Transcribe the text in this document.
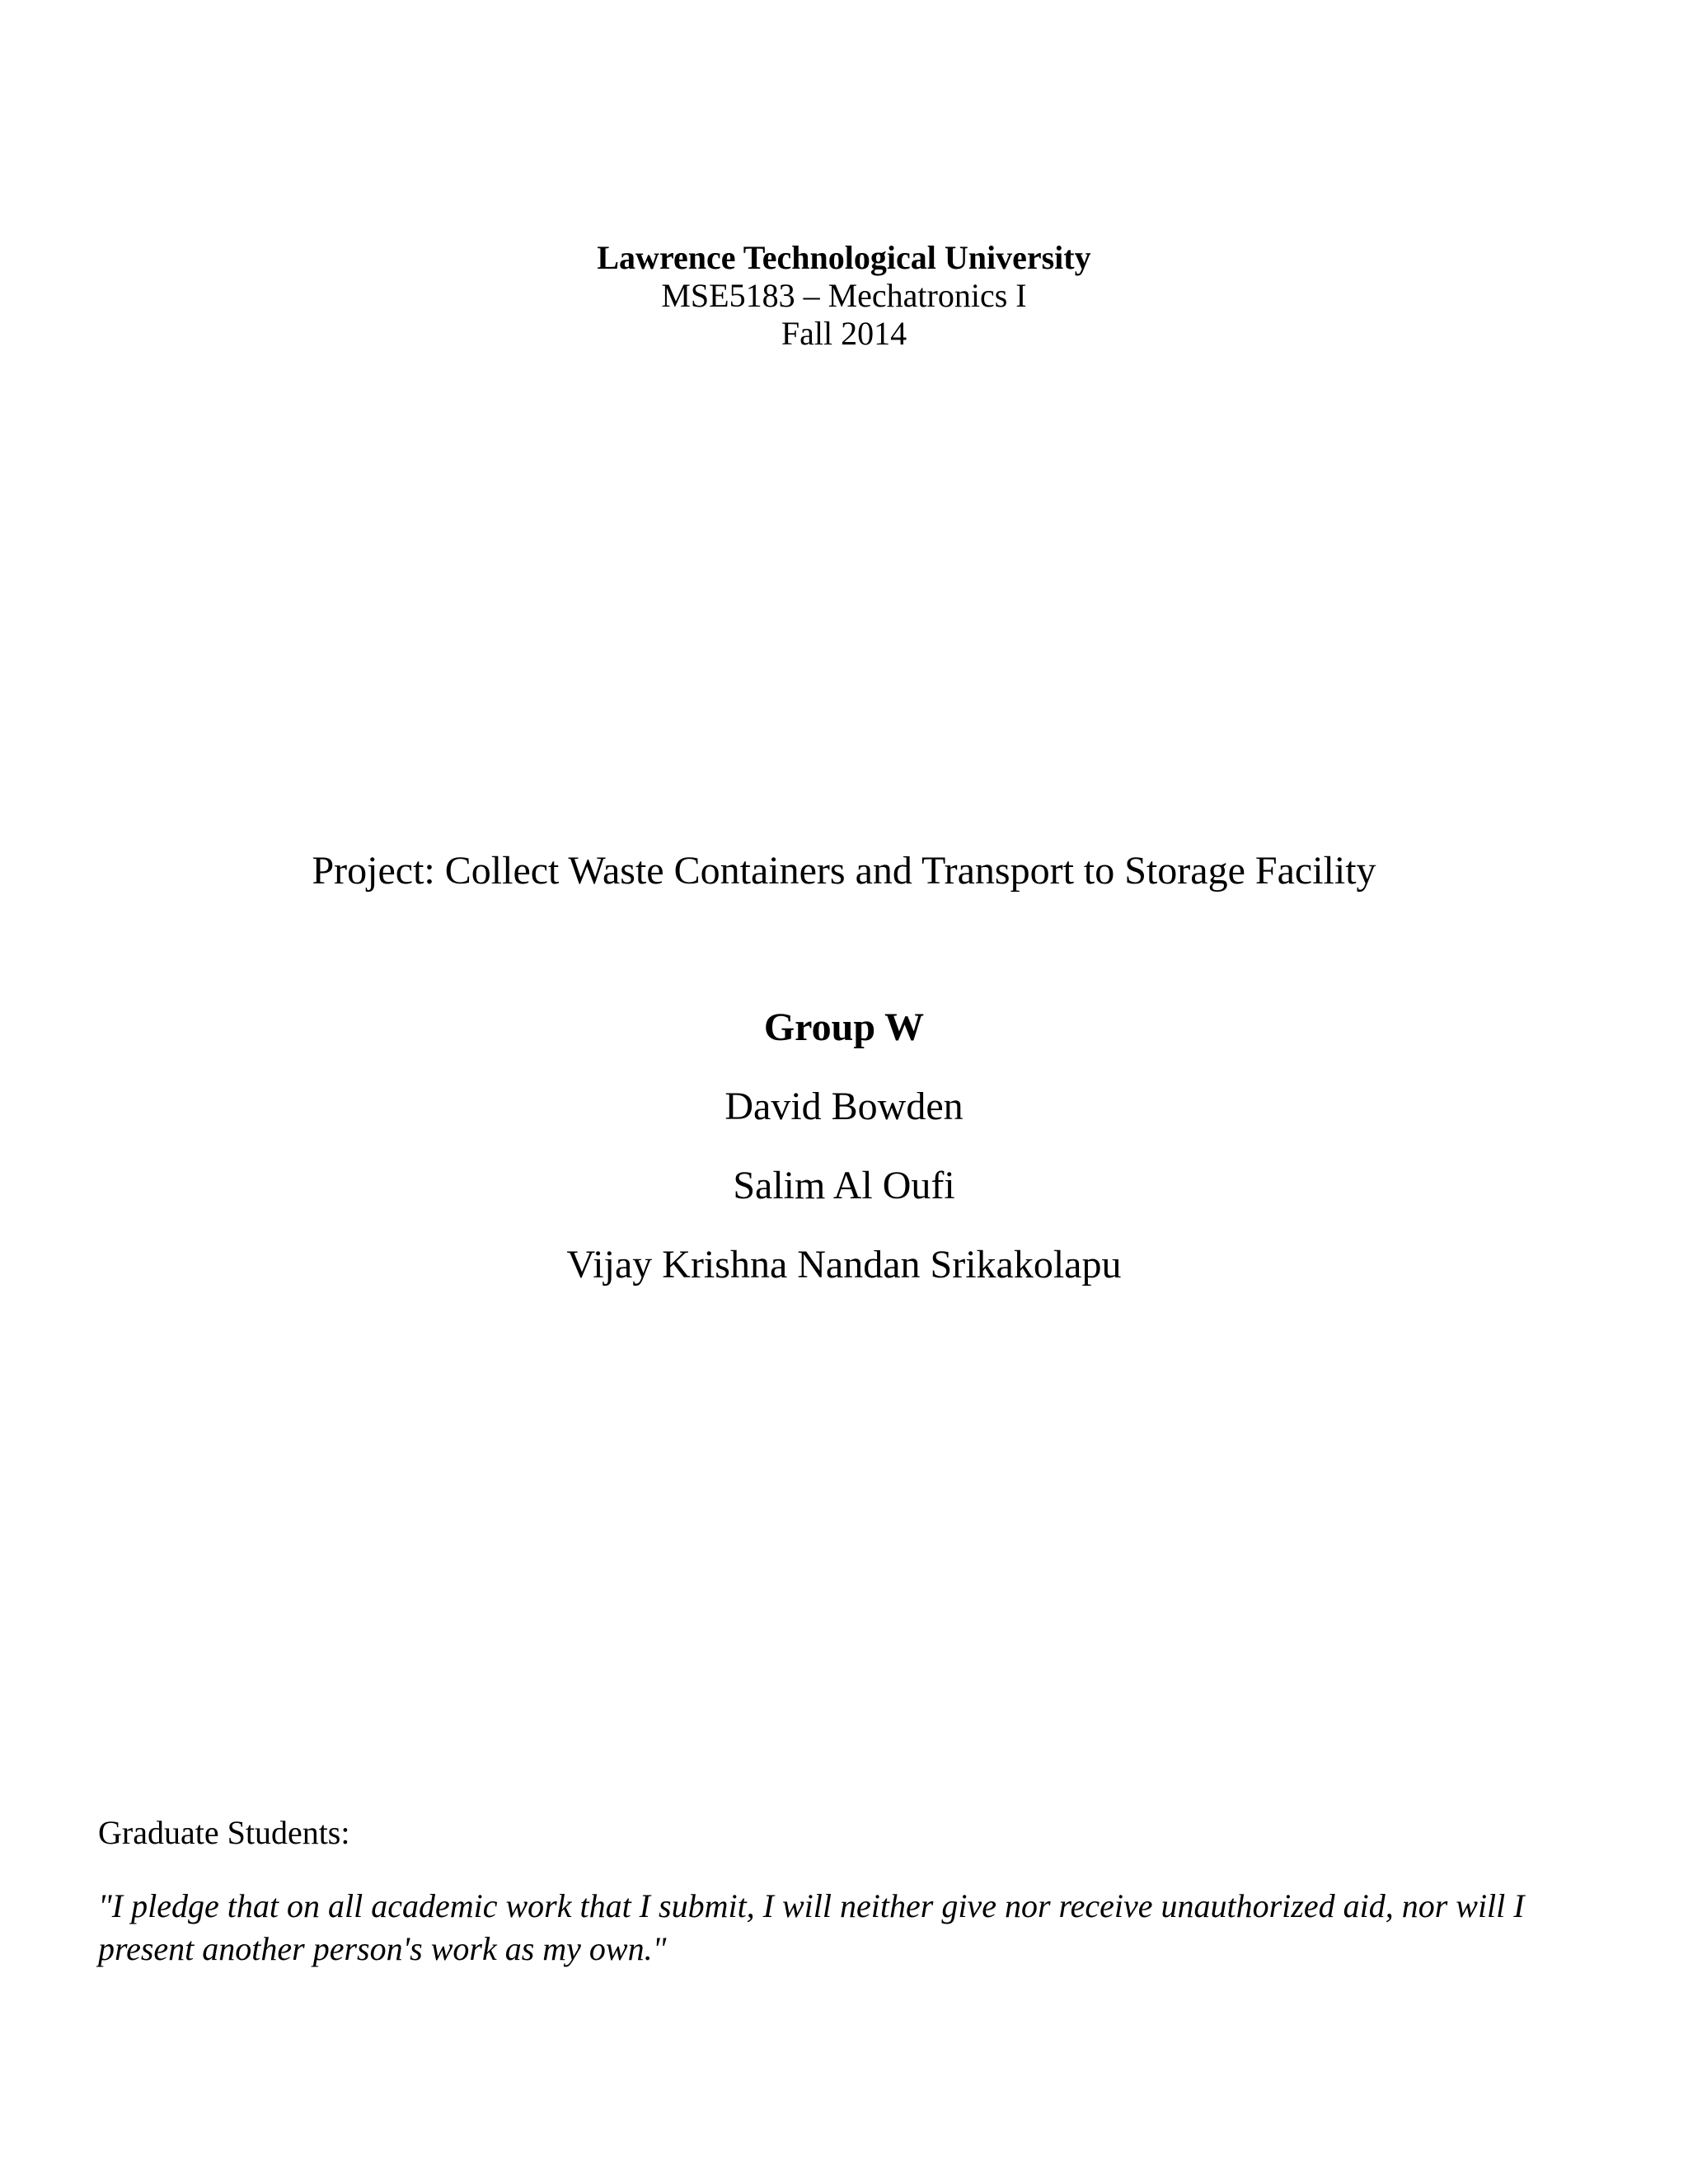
Lawrence Technological University

MSE5183 – Mechatronics I

Fall 2014

Project: Collect Waste Containers and Transport to Storage Facility

Group W

David Bowden

Salim Al Oufi

Vijay Krishna Nandan Srikakolapu

Graduate Students:

"I pledge that on all academic work that I submit, I will neither give nor receive unauthorized aid, nor will I present another person's work as my own."
